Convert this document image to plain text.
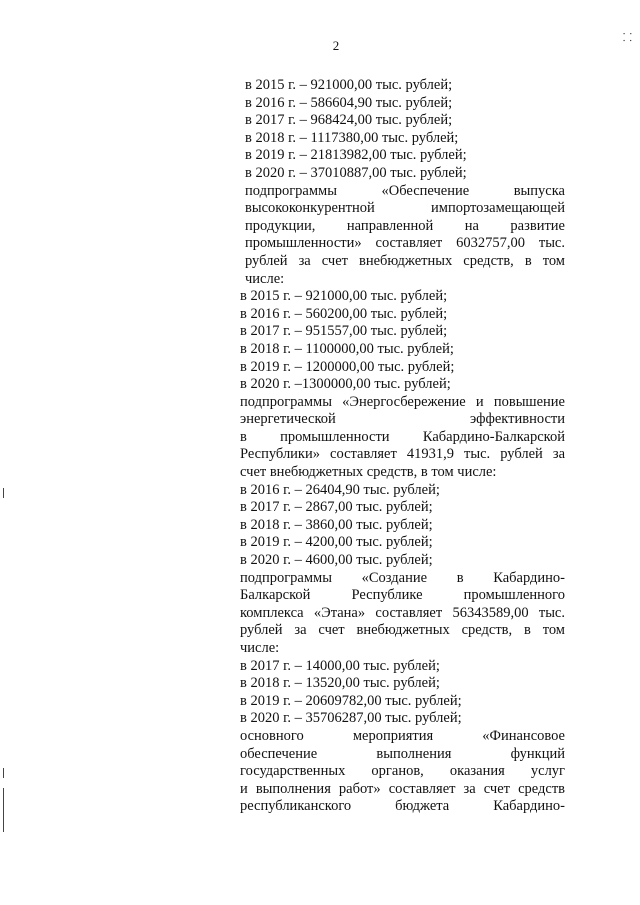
2	⸬
в 2015 г. – 921000,00 тыс. рублей;
в 2016 г. – 586604,90 тыс. рублей;
в 2017 г. – 968424,00 тыс. рублей;
в 2018 г. – 1117380,00 тыс. рублей;
в 2019 г. – 21813982,00 тыс. рублей;
в 2020 г. – 37010887,00 тыс. рублей;
подпрограммы «Обеспечение выпуска
высококонкурентной импортозамещающей
продукции, направленной на развитие
промышленности» составляет 6032757,00 тыс.
рублей за счет внебюджетных средств, в том
числе:
в 2015 г. – 921000,00 тыс. рублей;
в 2016 г. – 560200,00 тыс. рублей;
в 2017 г. – 951557,00 тыс. рублей;
в 2018 г. – 1100000,00 тыс. рублей;
в 2019 г. – 1200000,00 тыс. рублей;
в 2020 г. –1300000,00 тыс. рублей;
подпрограммы «Энергосбережение и повышение
энергетической эффективности
в промышленности Кабардино-Балкарской
Республики» составляет 41931,9 тыс. рублей за
счет внебюджетных средств, в том числе:
в 2016 г. – 26404,90 тыс. рублей;
в 2017 г. – 2867,00 тыс. рублей;
в 2018 г. – 3860,00 тыс. рублей;
в 2019 г. – 4200,00 тыс. рублей;
в 2020 г. – 4600,00 тыс. рублей;
подпрограммы «Создание в Кабардино-
Балкарской Республике промышленного
комплекса «Этана» составляет 56343589,00 тыс.
рублей за счет внебюджетных средств, в том
числе:
в 2017 г. – 14000,00 тыс. рублей;
в 2018 г. – 13520,00 тыс. рублей;
в 2019 г. – 20609782,00 тыс. рублей;
в 2020 г. – 35706287,00 тыс. рублей;
основного мероприятия «Финансовое
обеспечение выполнения функций
государственных органов, оказания услуг
и выполнения работ» составляет за счет средств
республиканского бюджета Кабардино-
